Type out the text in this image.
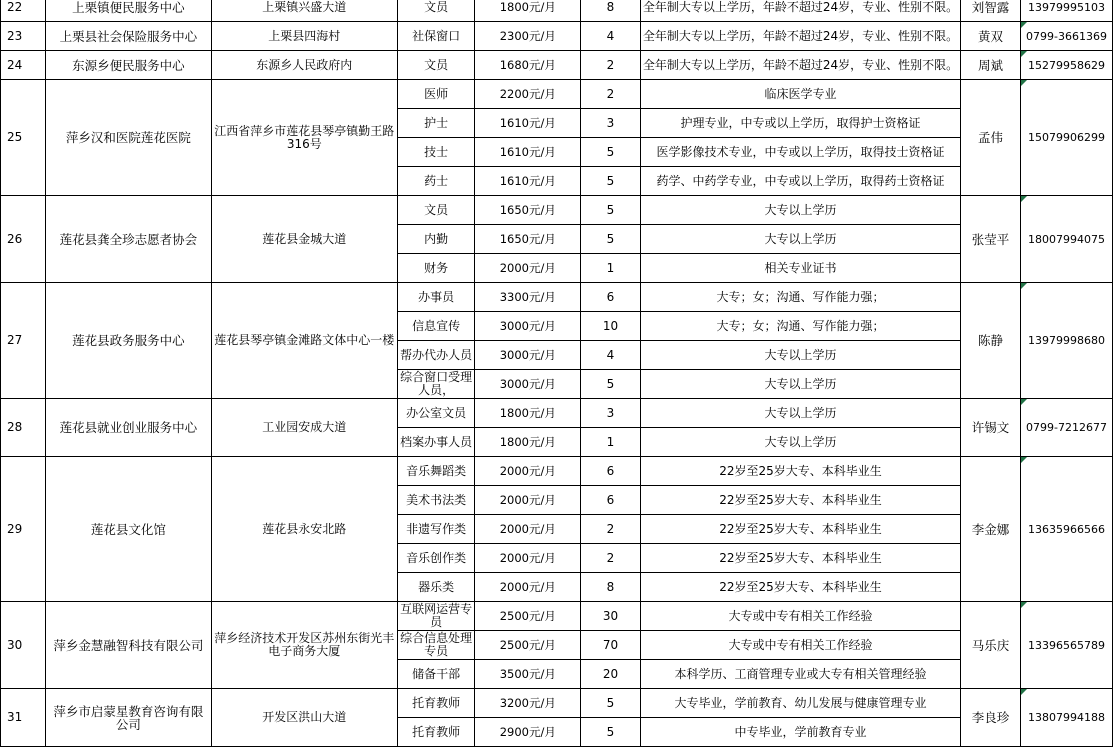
22	上栗镇便民服务中心	上栗镇兴盛大道	文员	1800元/月	8	全年制大专以上学历，年龄不超过24岁，专业、性别不限。	刘智露	13979995103
23	上栗县社会保险服务中心	上栗县四海村	社保窗口	2300元/月	4	全年制大专以上学历，年龄不超过24岁，专业、性别不限。	黄双	0799-3661369
24	东源乡便民服务中心	东源乡人民政府内	文员	1680元/月	2	全年制大专以上学历，年龄不超过24岁，专业、性别不限。	周斌	15279958629
25	萍乡汉和医院莲花医院	江西省萍乡市莲花县琴亭镇勤王路316号	医师	2200元/月	2	临床医学专业	孟伟	15079906299
			护士	1610元/月	3	护理专业，中专或以上学历，取得护士资格证		
			技士	1610元/月	5	医学影像技术专业，中专或以上学历，取得技士资格证		
			药士	1610元/月	5	药学、中药学专业，中专或以上学历，取得药士资格证		
26	莲花县龚全珍志愿者协会	莲花县金城大道	文员	1650元/月	5	大专以上学历	张莹平	18007994075
			内勤	1650元/月	5	大专以上学历		
			财务	2000元/月	1	相关专业证书		
27	莲花县政务服务中心	莲花县琴亭镇金滩路文体中心一楼	办事员	3300元/月	6	大专；女；沟通、写作能力强；	陈静	13979998680
			信息宣传	3000元/月	10	大专；女；沟通、写作能力强；		
			帮办代办人员	3000元/月	4	大专以上学历		
			综合窗口受理人员，	3000元/月	5	大专以上学历		
28	莲花县就业创业服务中心	工业园安成大道	办公室文员	1800元/月	3	大专以上学历	许锡文	0799-7212677
			档案办事人员	1800元/月	1	大专以上学历		
29	莲花县文化馆	莲花县永安北路	音乐舞蹈类	2000元/月	6	22岁至25岁大专、本科毕业生	李金娜	13635966566
			美术书法类	2000元/月	6	22岁至25岁大专、本科毕业生		
			非遗写作类	2000元/月	2	22岁至25岁大专、本科毕业生		
			音乐创作类	2000元/月	2	22岁至25岁大专、本科毕业生		
			器乐类	2000元/月	8	22岁至25岁大专、本科毕业生		
30	萍乡金慧融智科技有限公司	萍乡经济技术开发区苏州东街光丰电子商务大厦	互联网运营专员	2500元/月	30	大专或中专有相关工作经验	马乐庆	13396565789
			综合信息处理专员	2500元/月	70	大专或中专有相关工作经验		
			储备干部	3500元/月	20	本科学历、工商管理专业或大专有相关管理经验		
31	萍乡市启蒙星教育咨询有限公司	开发区洪山大道	托育教师	3200元/月	5	大专毕业，学前教育、幼儿发展与健康管理专业	李良珍	13807994188
			托育教师	2900元/月	5	中专毕业，学前教育专业		
